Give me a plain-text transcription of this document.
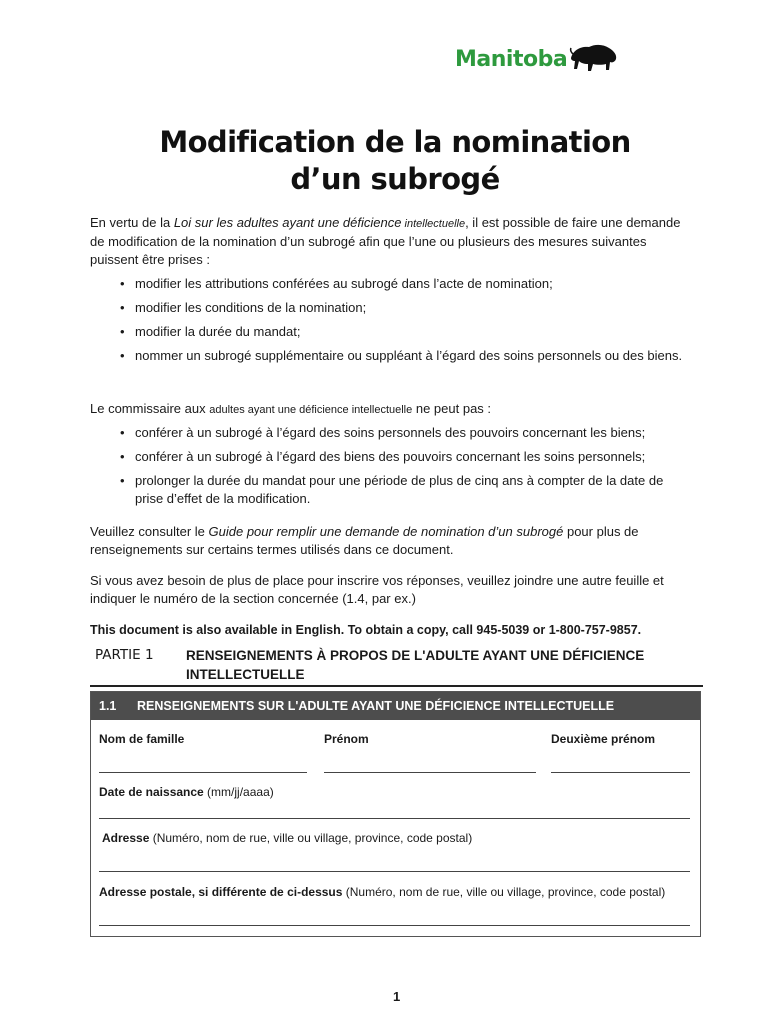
Manitoba
Modification de la nomination
d’un subrogé
En vertu de la Loi sur les adultes ayant une déficience intellectuelle, il est possible de faire une demande de modification de la nomination d’un subrogé afin que l’une ou plusieurs des mesures suivantes puissent être prises :
• modifier les attributions conférées au subrogé dans l’acte de nomination;
• modifier les conditions de la nomination;
• modifier la durée du mandat;
• nommer un subrogé supplémentaire ou suppléant à l’égard des soins personnels ou des biens.
Le commissaire aux adultes ayant une déficience intellectuelle ne peut pas :
• conférer à un subrogé à l’égard des soins personnels des pouvoirs concernant les biens;
• conférer à un subrogé à l’égard des biens des pouvoirs concernant les soins personnels;
• prolonger la durée du mandat pour une période de plus de cinq ans à compter de la date de prise d’effet de la modification.
Veuillez consulter le Guide pour remplir une demande de nomination d’un subrogé pour plus de renseignements sur certains termes utilisés dans ce document.
Si vous avez besoin de plus de place pour inscrire vos réponses, veuillez joindre une autre feuille et indiquer le numéro de la section concernée (1.4, par ex.)
This document is also available in English. To obtain a copy, call 945-5039 or 1-800-757-9857.
PARTIE 1 RENSEIGNEMENTS À PROPOS DE L'ADULTE AYANT UNE DÉFICIENCE INTELLECTUELLE
1.1 RENSEIGNEMENTS SUR L'ADULTE AYANT UNE DÉFICIENCE INTELLECTUELLE
Nom de famille	Prénom	Deuxième prénom
Date de naissance (mm/jj/aaaa)
Adresse (Numéro, nom de rue, ville ou village, province, code postal)
Adresse postale, si différente de ci-dessus (Numéro, nom de rue, ville ou village, province, code postal)
1
